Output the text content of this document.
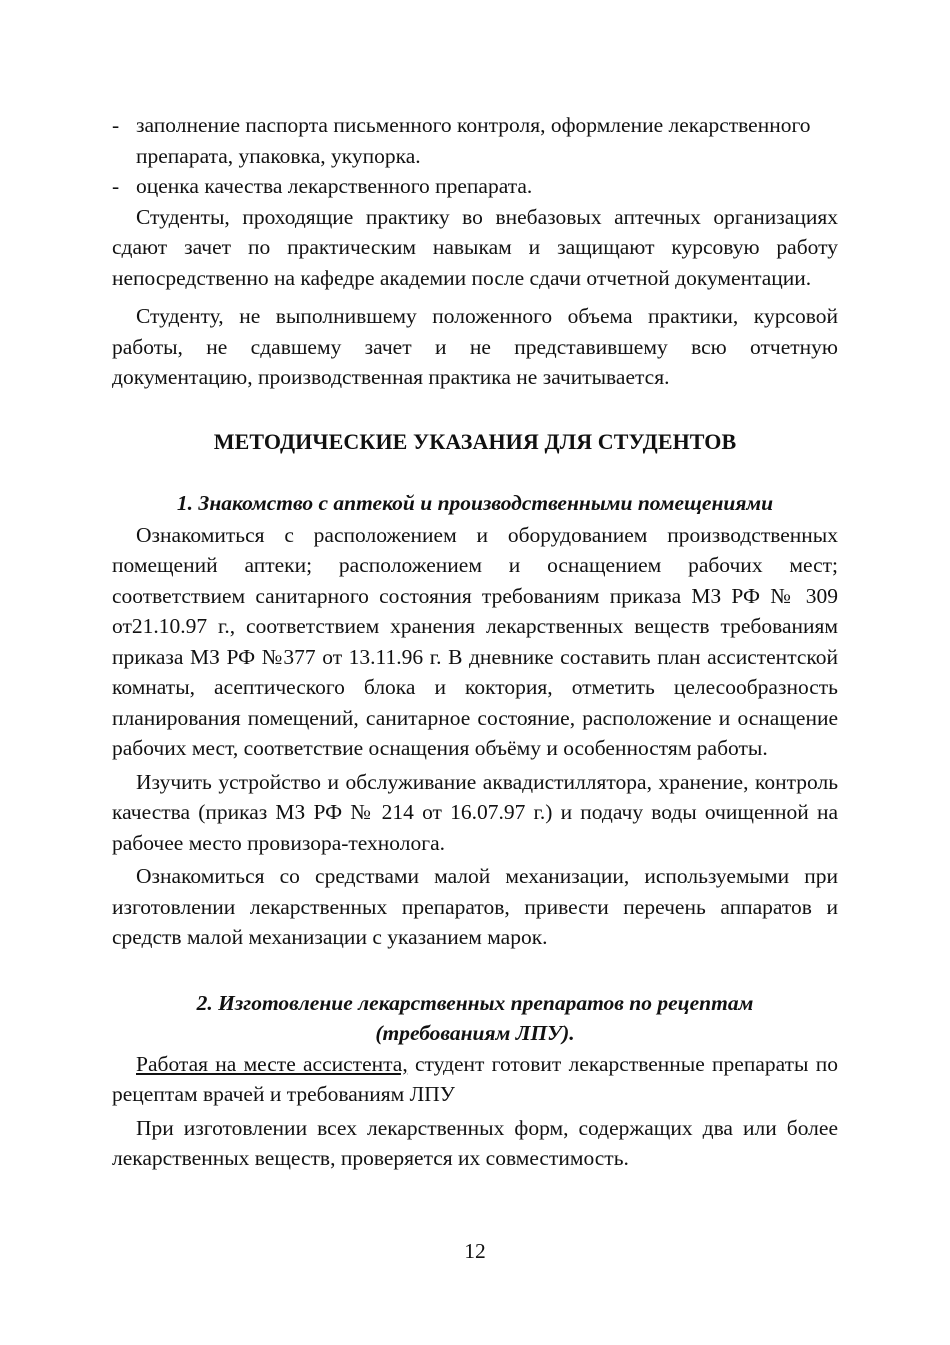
- заполнение паспорта письменного контроля, оформление лекарственного препарата, упаковка, укупорка.
- оценка качества лекарственного препарата.

Студенты, проходящие практику во внебазовых аптечных организациях сдают зачет по практическим навыкам и защищают курсовую работу непосредственно на кафедре академии после сдачи отчетной документации.

Студенту, не выполнившему положенного объема практики, курсовой работы, не сдавшему зачет и не представившему всю отчетную документацию, производственная практика не зачитывается.

МЕТОДИЧЕСКИЕ УКАЗАНИЯ ДЛЯ СТУДЕНТОВ
1. Знакомство с аптекой и производственными помещениями

Ознакомиться с расположением и оборудованием производственных помещений аптеки; расположением и оснащением рабочих мест; соответствием санитарного состояния требованиям приказа МЗ РФ № 309 от21.10.97 г., соответствием хранения лекарственных веществ требованиям приказа МЗ РФ №377 от 13.11.96 г. В дневнике составить план ассистентской комнаты, асептического блока и коктория, отметить целесообразность планирования помещений, санитарное состояние, расположение и оснащение рабочих мест, соответствие оснащения объёму и особенностям работы.

Изучить устройство и обслуживание аквадистиллятора, хранение, контроль качества (приказ МЗ РФ № 214 от 16.07.97 г.) и подачу воды очищенной на рабочее место провизора-технолога.

Ознакомиться со средствами малой механизации, используемыми при изготовлении лекарственных препаратов, привести перечень аппаратов и средств малой механизации с указанием марок.

2. Изготовление лекарственных препаратов по рецептам
(требованиям ЛПУ).

Работая на месте ассистента, студент готовит лекарственные препараты по рецептам врачей и требованиям ЛПУ

При изготовлении всех лекарственных форм, содержащих два или более лекарственных веществ, проверяется их совместимость.

12
